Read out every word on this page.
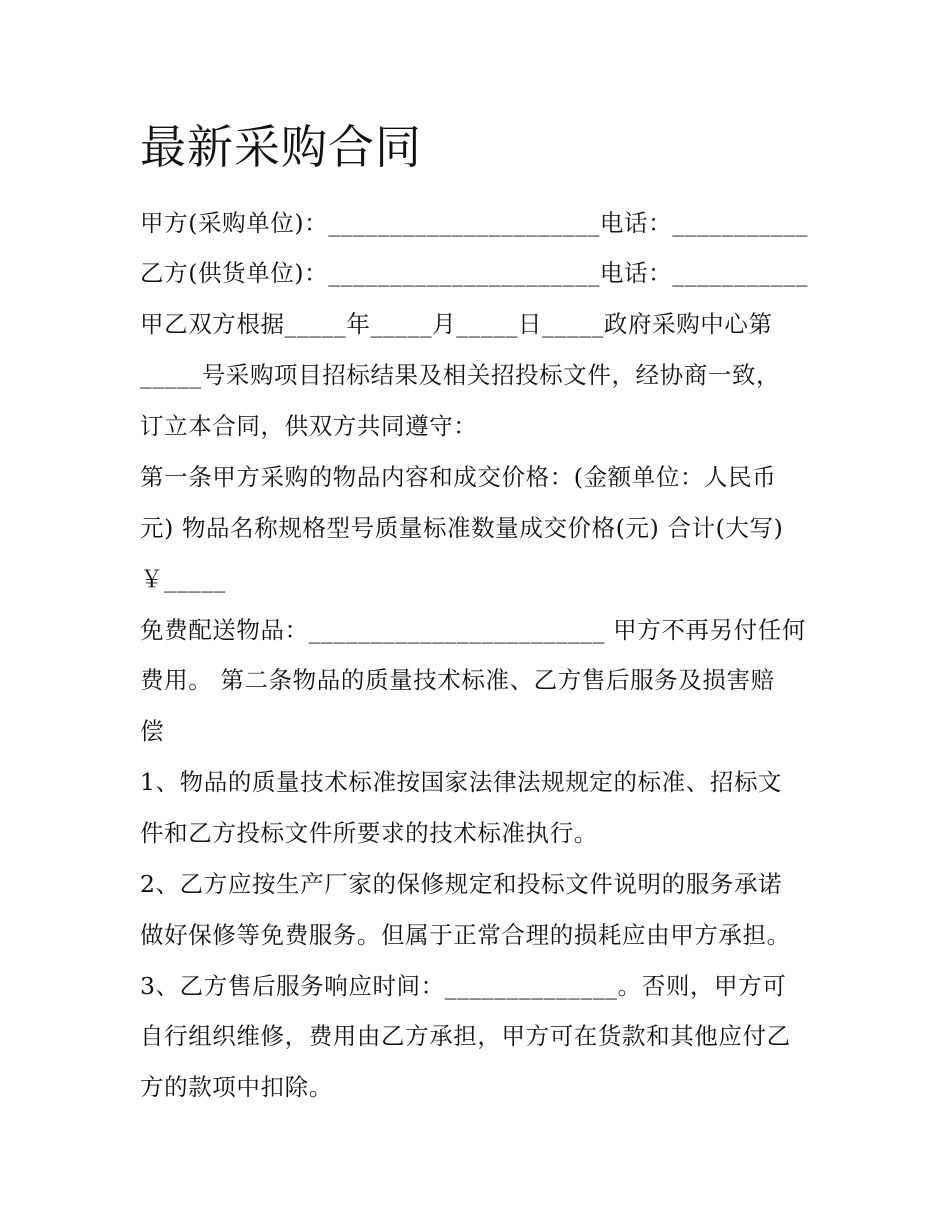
最新采购合同
甲方(采购单位)：______________________电话：___________
乙方(供货单位)：______________________电话：___________
甲乙双方根据_____年_____月_____日_____政府采购中心第
_____号采购项目招标结果及相关招投标文件，经协商一致，
订立本合同，供双方共同遵守：
第一条甲方采购的物品内容和成交价格：(金额单位：人民币
元) 物品名称规格型号质量标准数量成交价格(元) 合计(大写)
￥_____
免费配送物品：________________________ 甲方不再另付任何
费用。 第二条物品的质量技术标准、乙方售后服务及损害赔
偿
1、物品的质量技术标准按国家法律法规规定的标准、招标文
件和乙方投标文件所要求的技术标准执行。
2、乙方应按生产厂家的保修规定和投标文件说明的服务承诺
做好保修等免费服务。但属于正常合理的损耗应由甲方承担。
3、乙方售后服务响应时间：______________。否则，甲方可
自行组织维修，费用由乙方承担，甲方可在货款和其他应付乙
方的款项中扣除。
